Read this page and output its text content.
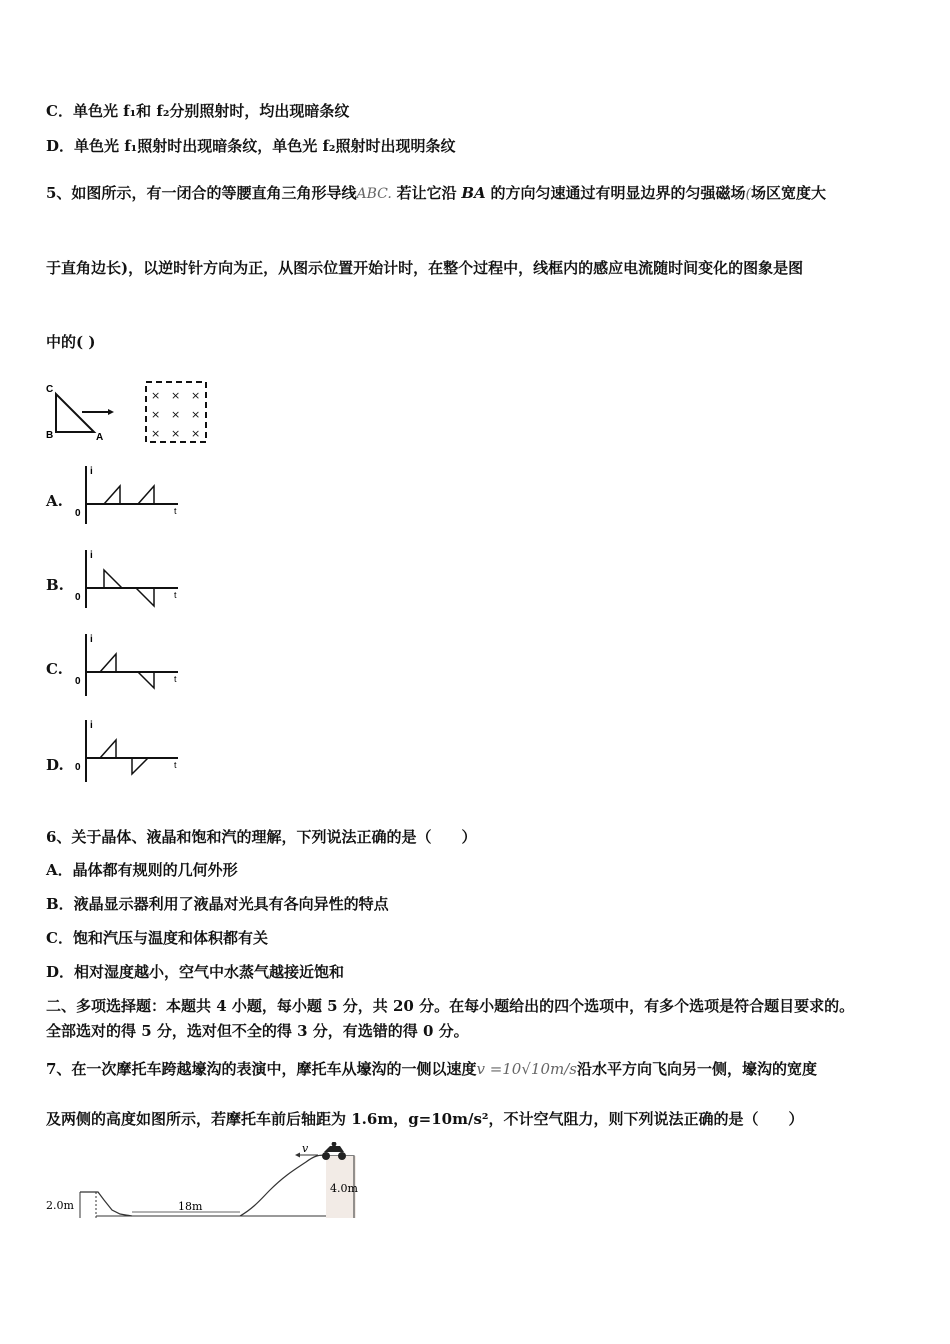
C．单色光 f₁和 f₂分别照射时，均出现暗条纹
D．单色光 f₁照射时出现暗条纹，单色光 f₂照射时出现明条纹
5、如图所示，有一闭合的等腰直角三角形导线ABC. 若让它沿 BA 的方向匀速通过有明显边界的匀强磁场(场区宽度大
于直角边长)，以逆时针方向为正，从图示位置开始计时，在整个过程中，线框内的感应电流随时间变化的图象是图
中的( )
C
B	A
× × ×
× × ×
× × ×
A.
B.
C.
D.
i
0	t
i
0	t
i
0	t
i
0	t
6、关于晶体、液晶和饱和汽的理解，下列说法正确的是（　　）
A．晶体都有规则的几何外形
B．液晶显示器利用了液晶对光具有各向异性的特点
C．饱和汽压与温度和体积都有关
D．相对湿度越小，空气中水蒸气越接近饱和
二、多项选择题：本题共 4 小题，每小题 5 分，共 20 分。在每小题给出的四个选项中，有多个选项是符合题目要求的。
全部选对的得 5 分，选对但不全的得 3 分，有选错的得 0 分。
7、在一次摩托车跨越壕沟的表演中，摩托车从壕沟的一侧以速度v =10√10m/s沿水平方向飞向另一侧，壕沟的宽度
及两侧的高度如图所示，若摩托车前后轴距为 1.6m，g=10m/s²，不计空气阻力，则下列说法正确的是（　　）
2.0m	18m
4.0m
v
